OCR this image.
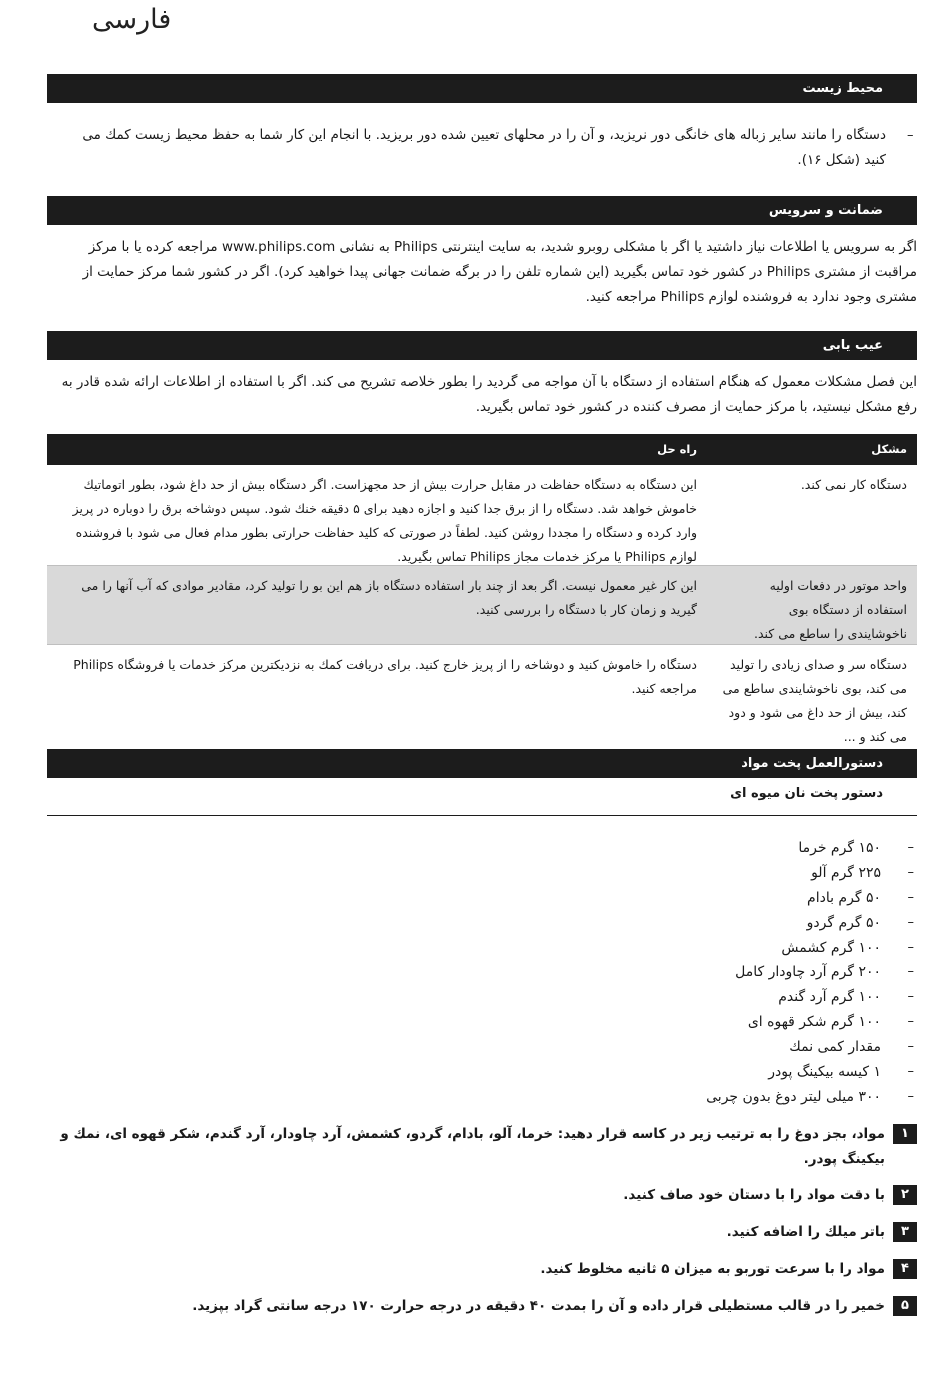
فارسی
محیط زیست
–
دستگاه را مانند سایر زباله های خانگی دور نریزید، و آن را در محلهای تعیین شده دور بریزید. با انجام این کار شما به حفظ محیط زیست کمك می کنید (شکل ۱۶).
ضمانت و سرویس
اگر به سرویس یا اطلاعات نیاز داشتید یا اگر با مشکلی روبرو شدید، به سایت اینترنتی Philips به نشانی www.philips.com مراجعه کرده یا با مرکز مراقبت از مشتری Philips در کشور خود تماس بگیرید (این شماره تلفن را در برگه ضمانت جهانی پیدا خواهید کرد). اگر در کشور شما مرکز حمایت از مشتری وجود ندارد به فروشنده لوازم Philips مراجعه کنید.
عیب یابی
این فصل مشکلات معمول که هنگام استفاده از دستگاه با آن مواجه می گردید را بطور خلاصه تشریح می کند. اگر با استفاده از اطلاعات ارائه شده قادر به رفع مشکل نیستید، با مرکز حمایت از مصرف کننده در کشور خود تماس بگیرید.
مشکل
راه حل
دستگاه کار نمی کند.
این دستگاه به دستگاه حفاظت در مقابل حرارت بیش از حد مجهزاست. اگر دستگاه بیش از حد داغ شود، بطور اتوماتیك خاموش خواهد شد. دستگاه را از برق جدا کنید و اجازه دهید برای ۵ دقیقه خنك شود. سپس دوشاخه برق را دوباره در پریز وارد کرده و دستگاه را مجددا روشن کنید. لطفاً در صورتی که کلید حفاظت حرارتی بطور مدام فعال می شود با فروشنده لوازم Philips یا مرکز خدمات مجاز Philips تماس بگیرید.
واحد موتور در دفعات اولیه استفاده از دستگاه بوی ناخوشایندی را ساطع می کند.
این کار غیر معمول نیست. اگر بعد از چند بار استفاده دستگاه باز هم این بو را تولید کرد، مقادیر موادی که آب آنها را می گیرید و زمان کار با دستگاه را بررسی کنید.
دستگاه سر و صدای زیادی را تولید می کند، بوی ناخوشایندی ساطع می کند، بیش از حد داغ می شود و دود می کند و ...
دستگاه را خاموش کنید و دوشاخه را از پریز خارج کنید. برای دریافت کمك به نزدیکترین مرکز خدمات یا فروشگاه Philips مراجعه کنید.
دستورالعمل پخت مواد
دستور پخت نان میوه ای
–
۱۵۰ گرم خرما
–
۲۲۵ گرم آلو
–
۵۰ گرم بادام
–
۵۰ گرم گردو
–
۱۰۰ گرم کشمش
–
۲۰۰ گرم آرد چاودار کامل
–
۱۰۰ گرم آرد گندم
–
۱۰۰ گرم شکر قهوه ای
–
مقدار کمی نمك
–
۱ کیسه بیکینگ پودر
–
۳۰۰ میلی لیتر دوغ بدون چربی
۱
مواد، بجز دوغ را به ترتیب زیر در کاسه قرار دهید: خرما، آلو، بادام، گردو، کشمش، آرد چاودار، آرد گندم، شکر قهوه ای، نمك و بیکینگ پودر.
۲
با دقت مواد را با دستان خود صاف کنید.
۳
باتر میلك را اضافه کنید.
۴
مواد را با سرعت توربو به میزان ۵ ثانیه مخلوط کنید.
۵
خمیر را در قالب مستطیلی قرار داده و آن را بمدت ۴۰ دقیقه در درجه حرارت ۱۷۰ درجه سانتی گراد بپزید.
